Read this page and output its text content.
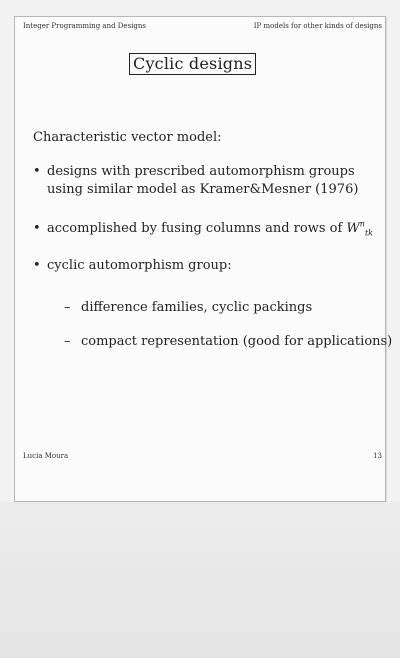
Integer Programming and Designs	IP models for other kinds of designs
Cyclic designs
Characteristic vector model:
• designs with prescribed automorphism groups
using similar model as Kramer&Mesner (1976)
• accomplished by fusing columns and rows of $W^n_{tk}$
• cyclic automorphism group:
– difference families, cyclic packings
– compact representation (good for applications)
Lucia Moura	13
